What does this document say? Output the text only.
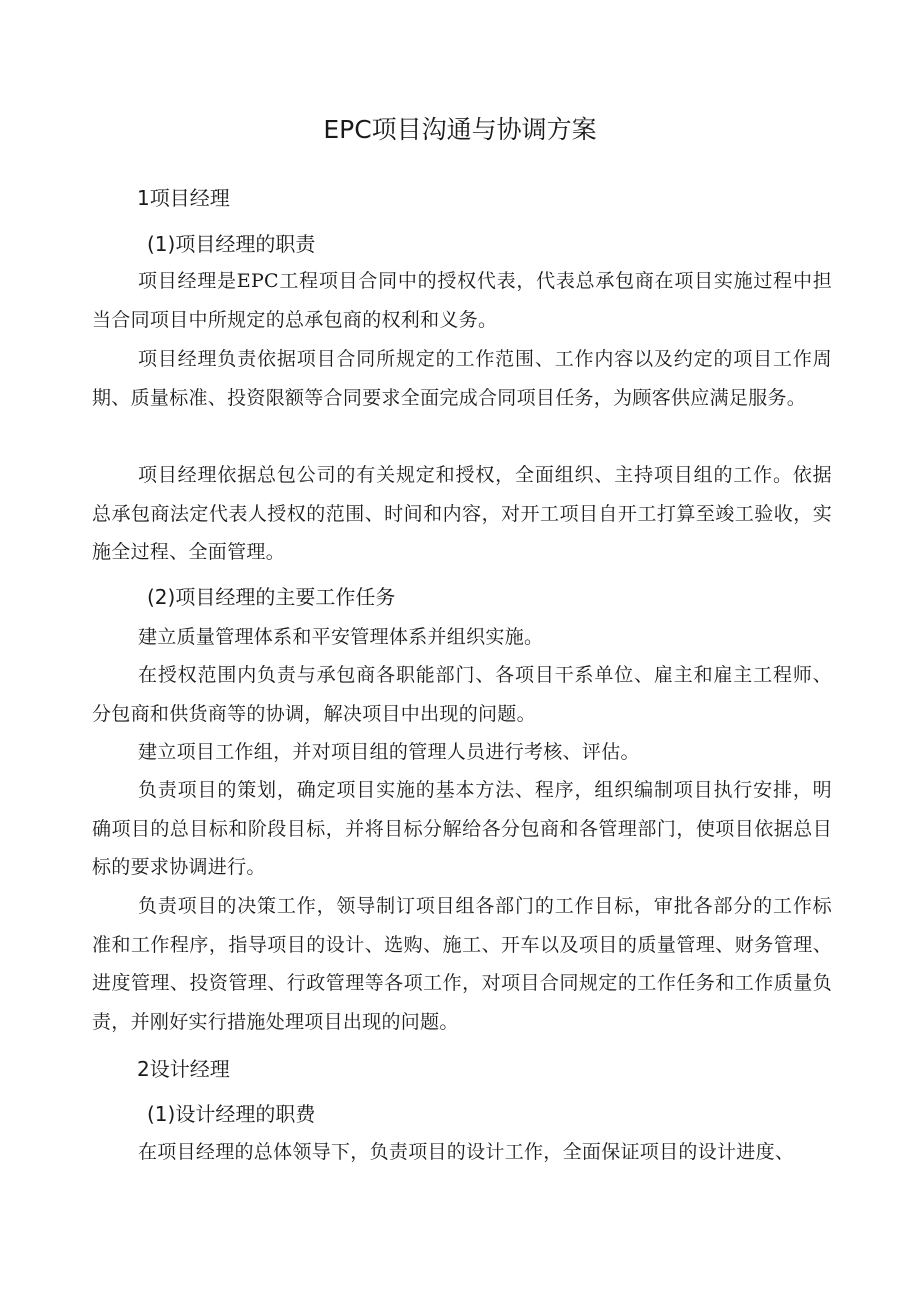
EPC项目沟通与协调方案
1项目经理
(1)项目经理的职责

项目经理是EPC工程项目合同中的授权代表，代表总承包商在项目实施过程中担当合同项目中所规定的总承包商的权利和义务。

项目经理负责依据项目合同所规定的工作范围、工作内容以及约定的项目工作周期、质量标准、投资限额等合同要求全面完成合同项目任务，为顾客供应满足服务。

项目经理依据总包公司的有关规定和授权，全面组织、主持项目组的工作。依据总承包商法定代表人授权的范围、时间和内容，对开工项目自开工打算至竣工验收，实施全过程、全面管理。

(2)项目经理的主要工作任务

建立质量管理体系和平安管理体系并组织实施。

在授权范围内负责与承包商各职能部门、各项目干系单位、雇主和雇主工程师、分包商和供货商等的协调，解决项目中出现的问题。

建立项目工作组，并对项目组的管理人员进行考核、评估。

负责项目的策划，确定项目实施的基本方法、程序，组织编制项目执行安排，明确项目的总目标和阶段目标，并将目标分解给各分包商和各管理部门，使项目依据总目标的要求协调进行。

负责项目的决策工作，领导制订项目组各部门的工作目标，审批各部分的工作标准和工作程序，指导项目的设计、选购、施工、开车以及项目的质量管理、财务管理、进度管理、投资管理、行政管理等各项工作，对项目合同规定的工作任务和工作质量负责，并刚好实行措施处理项目出现的问题。

2设计经理
(1)设计经理的职费

在项目经理的总体领导下，负责项目的设计工作，全面保证项目的设计进度、
